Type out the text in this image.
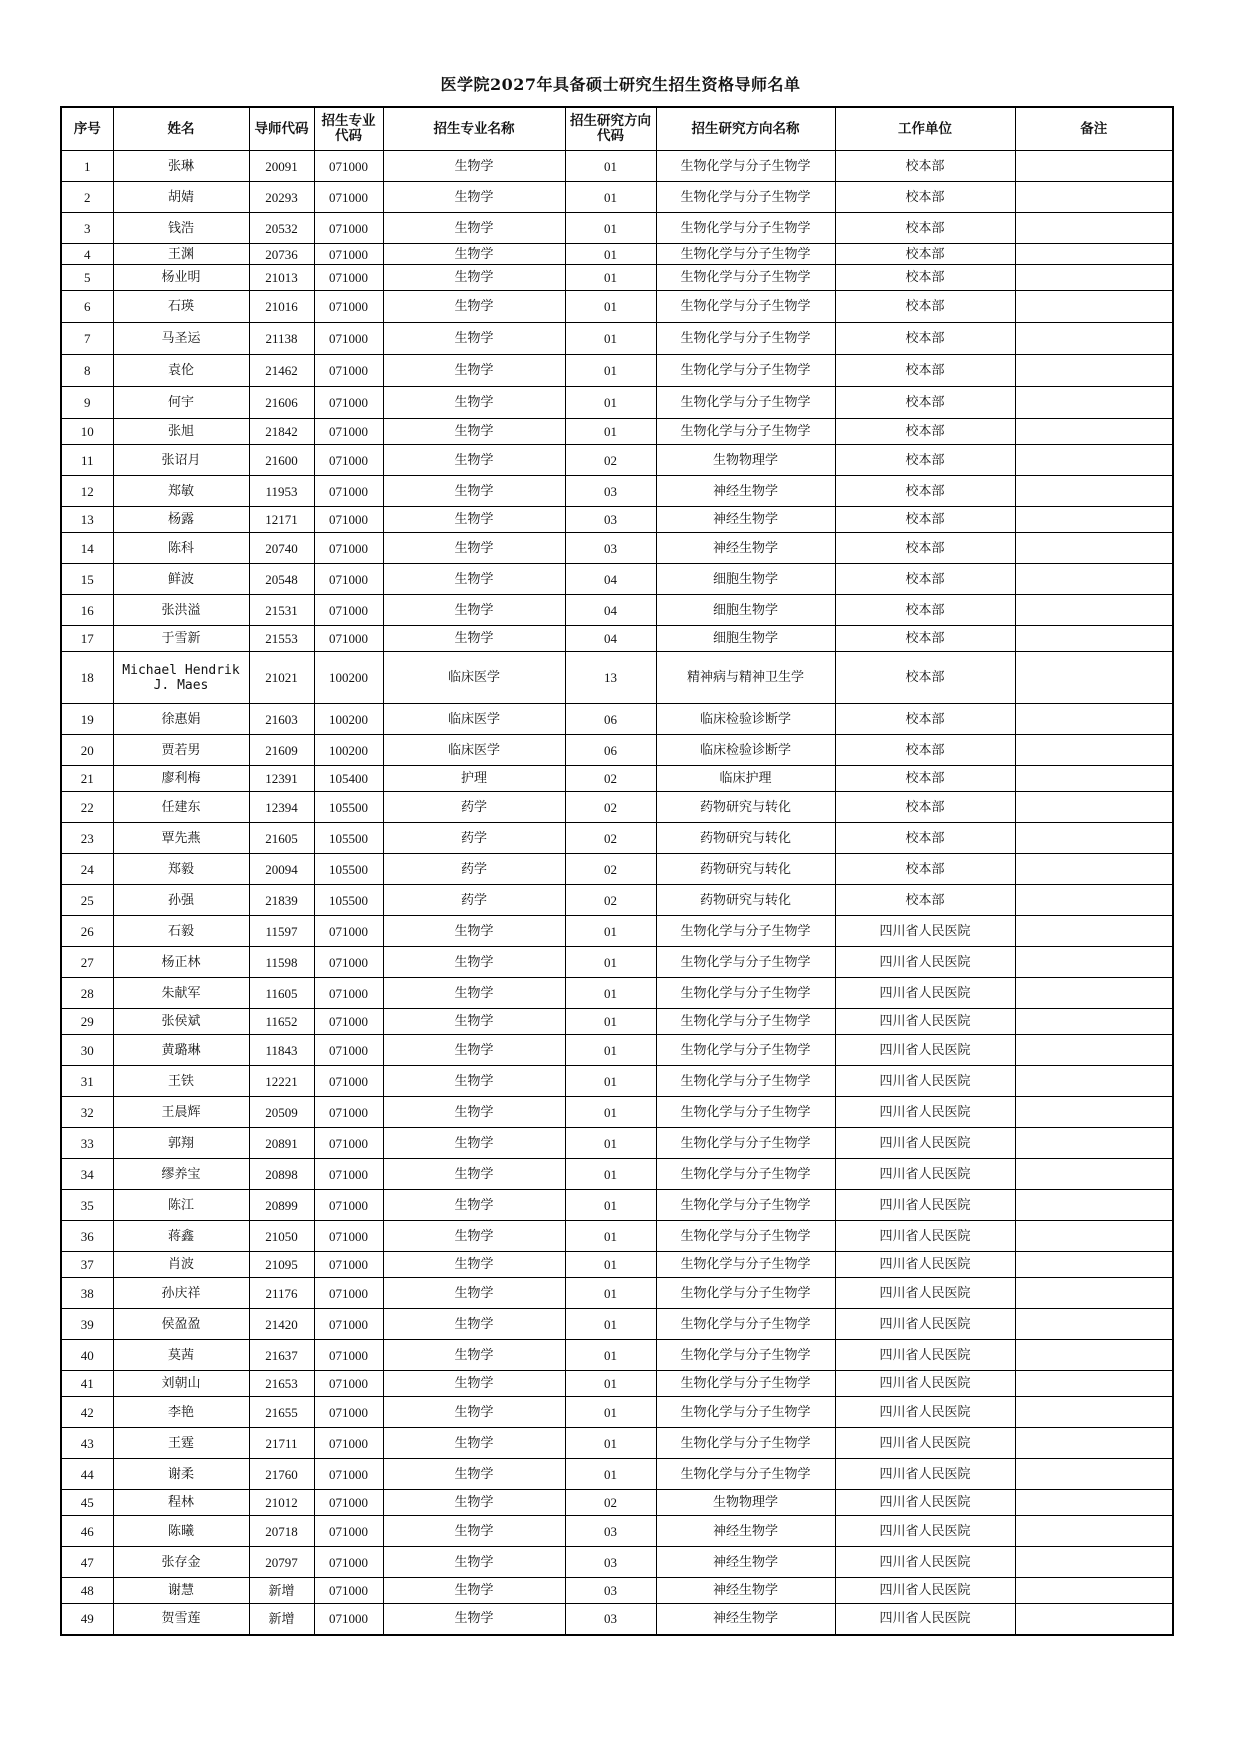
医学院2027年具备硕士研究生招生资格导师名单
序号	姓名	导师代码	招生专业代码	招生专业名称	招生研究方向代码	招生研究方向名称	工作单位	备注
1	张琳	20091	071000	生物学	01	生物化学与分子生物学	校本部	
2	胡婧	20293	071000	生物学	01	生物化学与分子生物学	校本部	
3	钱浩	20532	071000	生物学	01	生物化学与分子生物学	校本部	
4	王渊	20736	071000	生物学	01	生物化学与分子生物学	校本部	
5	杨业明	21013	071000	生物学	01	生物化学与分子生物学	校本部	
6	石瑛	21016	071000	生物学	01	生物化学与分子生物学	校本部	
7	马圣运	21138	071000	生物学	01	生物化学与分子生物学	校本部	
8	袁伦	21462	071000	生物学	01	生物化学与分子生物学	校本部	
9	何宇	21606	071000	生物学	01	生物化学与分子生物学	校本部	
10	张旭	21842	071000	生物学	01	生物化学与分子生物学	校本部	
11	张诏月	21600	071000	生物学	02	生物物理学	校本部	
12	郑敏	11953	071000	生物学	03	神经生物学	校本部	
13	杨露	12171	071000	生物学	03	神经生物学	校本部	
14	陈科	20740	071000	生物学	03	神经生物学	校本部	
15	鲜波	20548	071000	生物学	04	细胞生物学	校本部	
16	张洪溢	21531	071000	生物学	04	细胞生物学	校本部	
17	于雪新	21553	071000	生物学	04	细胞生物学	校本部	
18	Michael Hendrik J. Maes	21021	100200	临床医学	13	精神病与精神卫生学	校本部	
19	徐惠娟	21603	100200	临床医学	06	临床检验诊断学	校本部	
20	贾若男	21609	100200	临床医学	06	临床检验诊断学	校本部	
21	廖利梅	12391	105400	护理	02	临床护理	校本部	
22	任建东	12394	105500	药学	02	药物研究与转化	校本部	
23	覃先燕	21605	105500	药学	02	药物研究与转化	校本部	
24	郑毅	20094	105500	药学	02	药物研究与转化	校本部	
25	孙强	21839	105500	药学	02	药物研究与转化	校本部	
26	石毅	11597	071000	生物学	01	生物化学与分子生物学	四川省人民医院	
27	杨正林	11598	071000	生物学	01	生物化学与分子生物学	四川省人民医院	
28	朱献军	11605	071000	生物学	01	生物化学与分子生物学	四川省人民医院	
29	张侯斌	11652	071000	生物学	01	生物化学与分子生物学	四川省人民医院	
30	黄璐琳	11843	071000	生物学	01	生物化学与分子生物学	四川省人民医院	
31	王铁	12221	071000	生物学	01	生物化学与分子生物学	四川省人民医院	
32	王晨辉	20509	071000	生物学	01	生物化学与分子生物学	四川省人民医院	
33	郭翔	20891	071000	生物学	01	生物化学与分子生物学	四川省人民医院	
34	缪养宝	20898	071000	生物学	01	生物化学与分子生物学	四川省人民医院	
35	陈江	20899	071000	生物学	01	生物化学与分子生物学	四川省人民医院	
36	蒋鑫	21050	071000	生物学	01	生物化学与分子生物学	四川省人民医院	
37	肖波	21095	071000	生物学	01	生物化学与分子生物学	四川省人民医院	
38	孙庆祥	21176	071000	生物学	01	生物化学与分子生物学	四川省人民医院	
39	侯盈盈	21420	071000	生物学	01	生物化学与分子生物学	四川省人民医院	
40	莫茜	21637	071000	生物学	01	生物化学与分子生物学	四川省人民医院	
41	刘朝山	21653	071000	生物学	01	生物化学与分子生物学	四川省人民医院	
42	李艳	21655	071000	生物学	01	生物化学与分子生物学	四川省人民医院	
43	王霆	21711	071000	生物学	01	生物化学与分子生物学	四川省人民医院	
44	谢柔	21760	071000	生物学	01	生物化学与分子生物学	四川省人民医院	
45	程林	21012	071000	生物学	02	生物物理学	四川省人民医院	
46	陈曦	20718	071000	生物学	03	神经生物学	四川省人民医院	
47	张存金	20797	071000	生物学	03	神经生物学	四川省人民医院	
48	谢慧	新增	071000	生物学	03	神经生物学	四川省人民医院	
49	贺雪莲	新增	071000	生物学	03	神经生物学	四川省人民医院	
